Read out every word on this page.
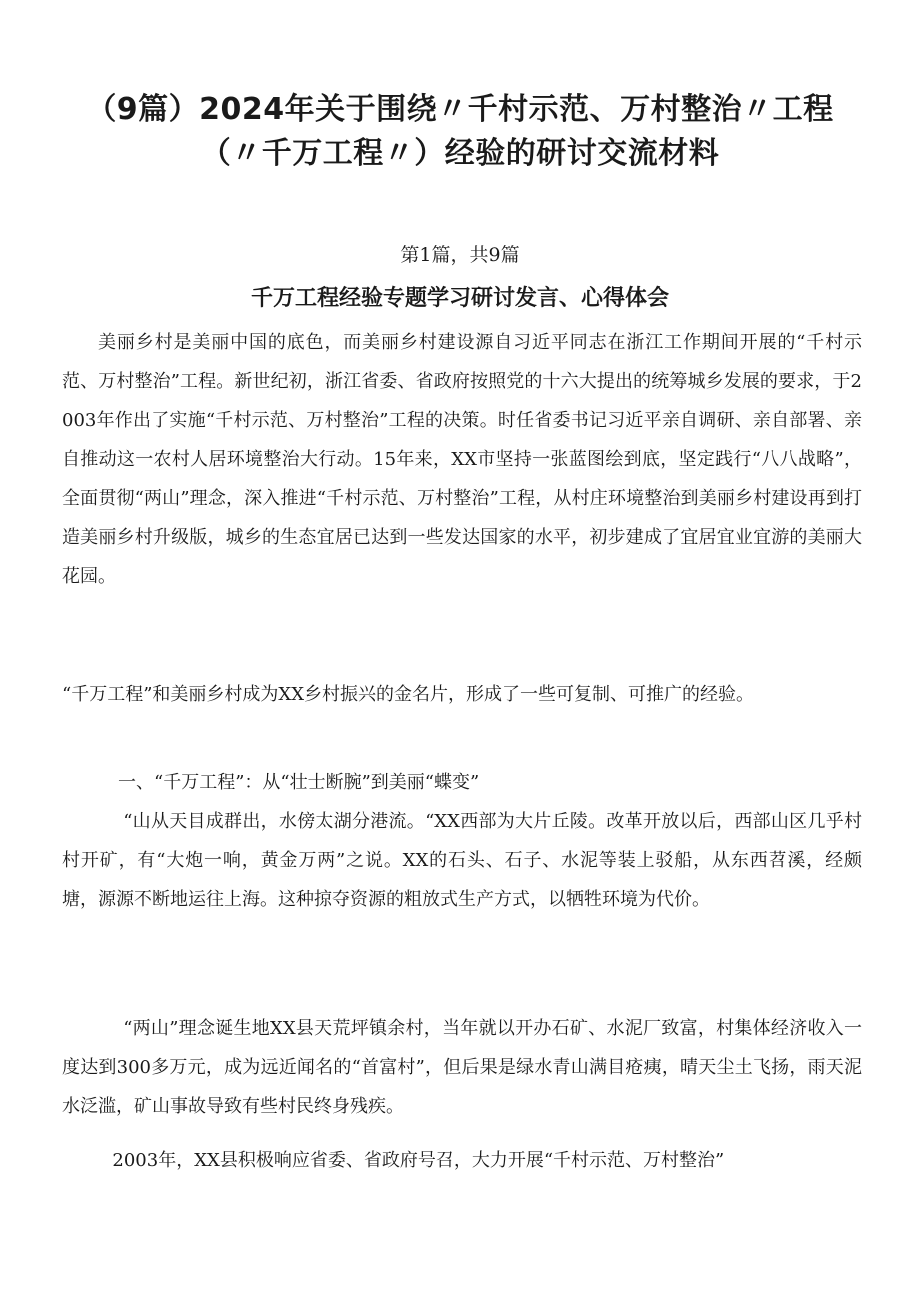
（9篇）2024年关于围绕〃千村示范、万村整治〃工程
（〃千万工程〃）经验的研讨交流材料
第1篇，共9篇
千万工程经验专题学习研讨发言、心得体会

美丽乡村是美丽中国的底色，而美丽乡村建设源自习近平同志在浙江工作期间开展的“千村示范、万村整治”工程。新世纪初，浙江省委、省政府按照党的十六大提出的统筹城乡发展的要求，于2003年作出了实施“千村示范、万村整治”工程的决策。时任省委书记习近平亲自调研、亲自部署、亲自推动这一农村人居环境整治大行动。15年来，XX市坚持一张蓝图绘到底，坚定践行“八八战略”，全面贯彻“两山”理念，深入推进“千村示范、万村整治”工程，从村庄环境整治到美丽乡村建设再到打造美丽乡村升级版，城乡的生态宜居已达到一些发达国家的水平，初步建成了宜居宜业宜游的美丽大花园。

“千万工程”和美丽乡村成为XX乡村振兴的金名片，形成了一些可复制、可推广的经验。

一、“千万工程”：从“壮士断腕”到美丽“蝶变”

“山从天目成群出，水傍太湖分港流。“XX西部为大片丘陵。改革开放以后，西部山区几乎村村开矿，有“大炮一响，黄金万两”之说。XX的石头、石子、水泥等装上驳船，从东西苕溪，经颇塘，源源不断地运往上海。这种掠夺资源的粗放式生产方式，以牺牲环境为代价。

“两山”理念诞生地XX县天荒坪镇余村，当年就以开办石矿、水泥厂致富，村集体经济收入一度达到300多万元，成为远近闻名的“首富村”，但后果是绿水青山满目疮痍，晴天尘土飞扬，雨天泥水泛滥，矿山事故导致有些村民终身残疾。

2003年，XX县积极响应省委、省政府号召，大力开展“千村示范、万村整治”
